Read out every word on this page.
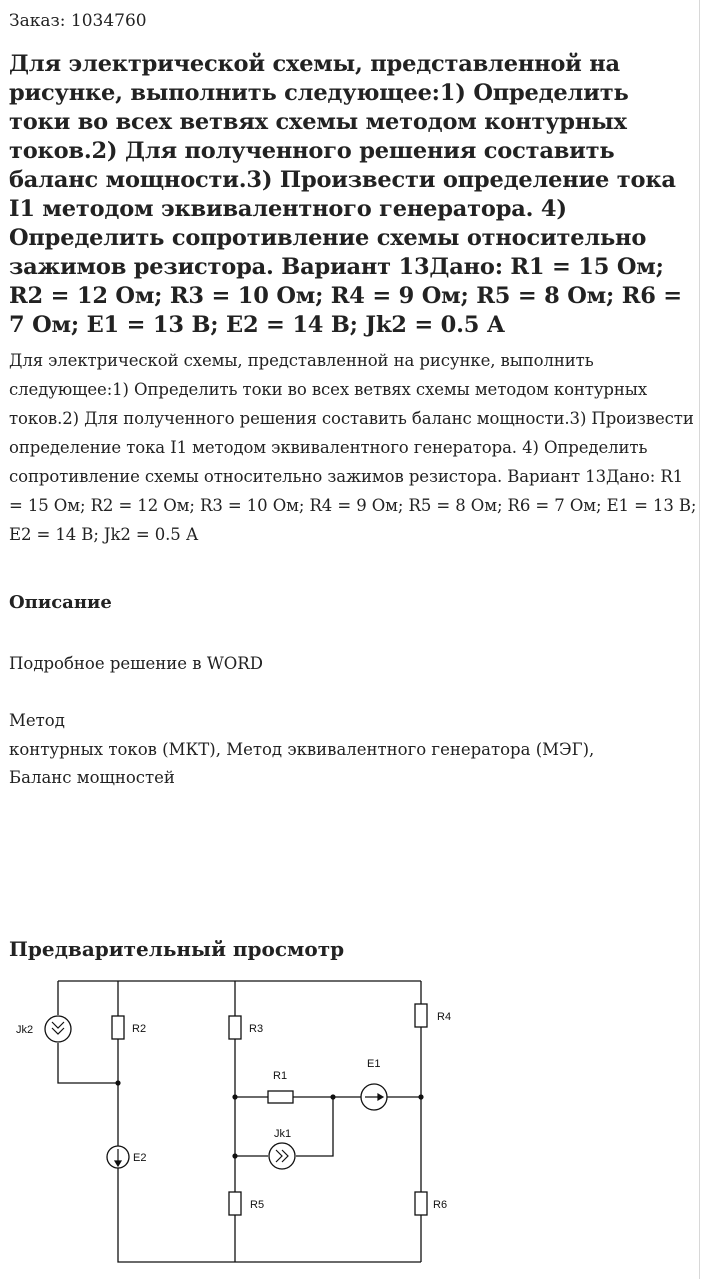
Заказ: 1034760
Для электрической схемы, представленной на рисунке, выполнить следующее:1) Определить токи во всех ветвях схемы методом контурных токов.2) Для полученного решения составить баланс мощности.3) Произвести определение тока I1 методом эквивалентного генератора. 4) Определить сопротивление схемы относительно зажимов резистора. Вариант 13Дано: R1 = 15 Ом; R2 = 12 Ом; R3 = 10 Ом; R4 = 9 Ом; R5 = 8 Ом; R6 = 7 Ом; E1 = 13 В; E2 = 14 В; Jk2 = 0.5 А
Для электрической схемы, представленной на рисунке, выполнить следующее:1) Определить токи во всех ветвях схемы методом контурных токов.2) Для полученного решения составить баланс мощности.3) Произвести определение тока I1 методом эквивалентного генератора. 4) Определить сопротивление схемы относительно зажимов резистора. Вариант 13Дано: R1 = 15 Ом; R2 = 12 Ом; R3 = 10 Ом; R4 = 9 Ом; R5 = 8 Ом; R6 = 7 Ом; E1 = 13 В; E2 = 14 В; Jk2 = 0.5 А
Описание
Подробное решение в WORD
Метод
контурных токов (МКТ), Метод эквивалентного генератора (МЭГ),
Баланс мощностей
Предварительный просмотр
Jk2	R2	R3
R4
R1
E1
Jk1
E2
R5	R6
